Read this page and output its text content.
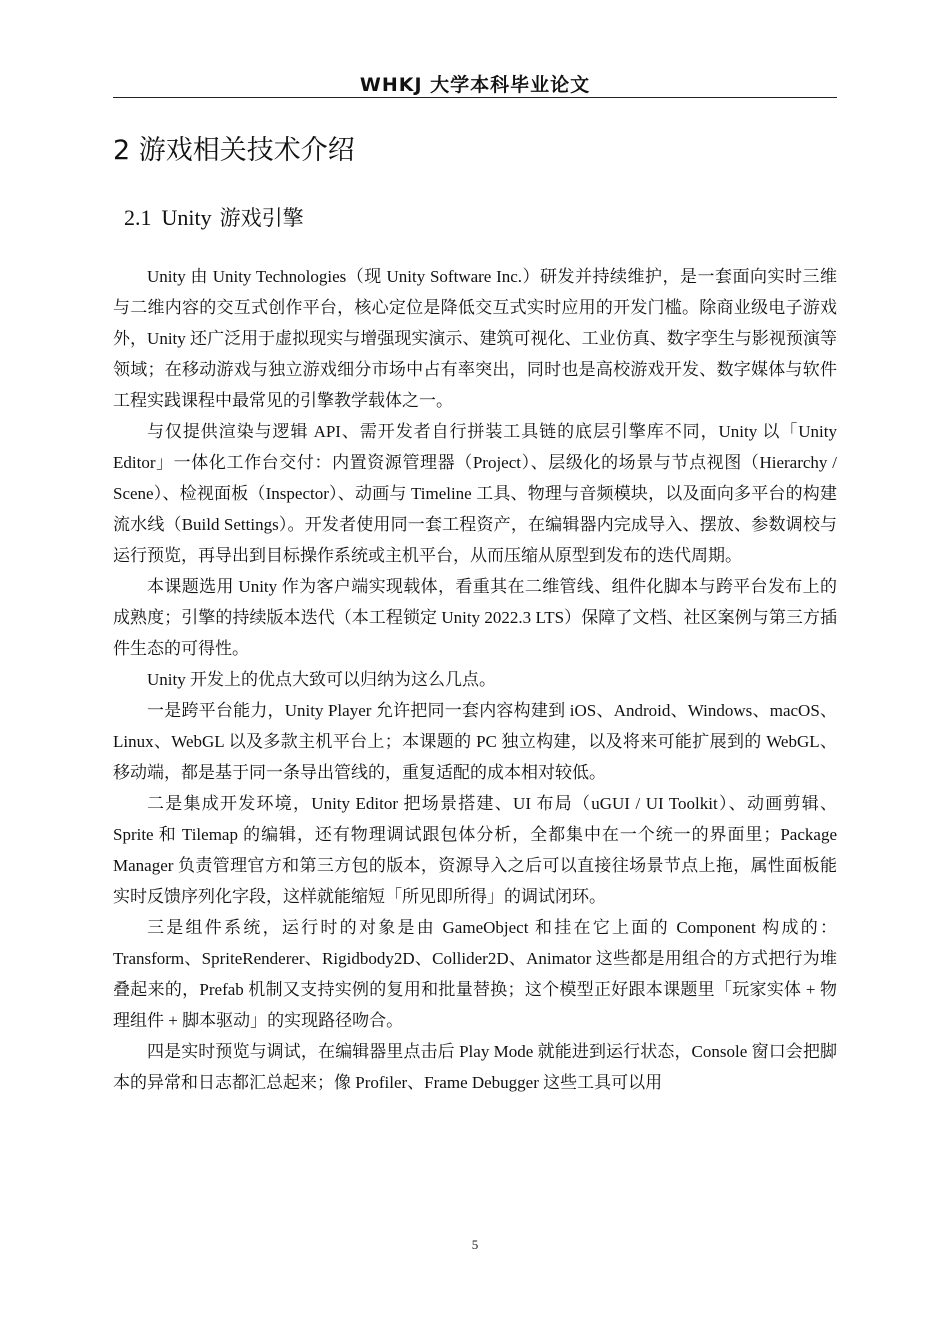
WHKJ 大学本科毕业论文
2 游戏相关技术介绍
2.1 Unity 游戏引擎

Unity 由 Unity Technologies（现 Unity Software Inc.）研发并持续维护，是一套面向实时三维与二维内容的交互式创作平台，核心定位是降低交互式实时应用的开发门槛。除商业级电子游戏外，Unity 还广泛用于虚拟现实与增强现实演示、建筑可视化、工业仿真、数字孪生与影视预演等领域；在移动游戏与独立游戏细分市场中占有率突出，同时也是高校游戏开发、数字媒体与软件工程实践课程中最常见的引擎教学载体之一。

与仅提供渲染与逻辑 API、需开发者自行拼装工具链的底层引擎库不同，Unity 以「Unity Editor」一体化工作台交付：内置资源管理器（Project）、层级化的场景与节点视图（Hierarchy / Scene）、检视面板（Inspector）、动画与 Timeline 工具、物理与音频模块，以及面向多平台的构建流水线（Build Settings）。开发者使用同一套工程资产，在编辑器内完成导入、摆放、参数调校与运行预览，再导出到目标操作系统或主机平台，从而压缩从原型到发布的迭代周期。

本课题选用 Unity 作为客户端实现载体，看重其在二维管线、组件化脚本与跨平台发布上的成熟度；引擎的持续版本迭代（本工程锁定 Unity 2022.3 LTS）保障了文档、社区案例与第三方插件生态的可得性。

Unity 开发上的优点大致可以归纳为这么几点。

一是跨平台能力，Unity Player 允许把同一套内容构建到 iOS、Android、Windows、macOS、Linux、WebGL 以及多款主机平台上；本课题的 PC 独立构建，以及将来可能扩展到的 WebGL、移动端，都是基于同一条导出管线的，重复适配的成本相对较低。

二是集成开发环境，Unity Editor 把场景搭建、UI 布局（uGUI / UI Toolkit）、动画剪辑、Sprite 和 Tilemap 的编辑，还有物理调试跟包体分析，全都集中在一个统一的界面里；Package Manager 负责管理官方和第三方包的版本，资源导入之后可以直接往场景节点上拖，属性面板能实时反馈序列化字段，这样就能缩短「所见即所得」的调试闭环。

三是组件系统，运行时的对象是由 GameObject 和挂在它上面的 Component 构成的：Transform、SpriteRenderer、Rigidbody2D、Collider2D、Animator 这些都是用组合的方式把行为堆叠起来的，Prefab 机制又支持实例的复用和批量替换；这个模型正好跟本课题里「玩家实体 + 物理组件 + 脚本驱动」的实现路径吻合。

四是实时预览与调试，在编辑器里点击后 Play Mode 就能进到运行状态，Console 窗口会把脚本的异常和日志都汇总起来；像 Profiler、Frame Debugger 这些工具可以用

5
